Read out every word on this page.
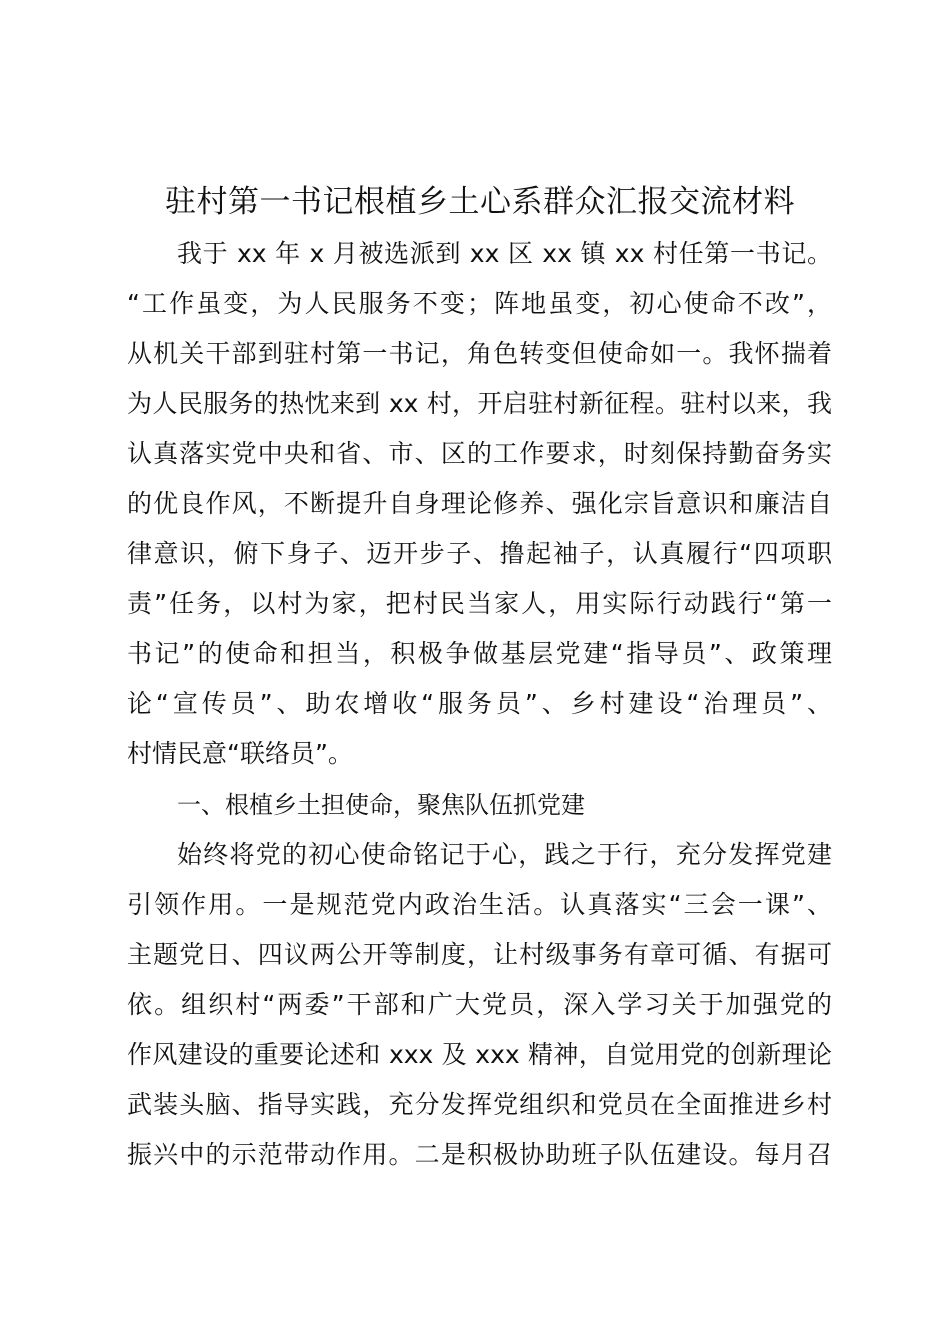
驻村第一书记根植乡土心系群众汇报交流材料
我于 xx 年 x 月被选派到 xx 区 xx 镇 xx 村任第一书记。
“工作虽变，为人民服务不变；阵地虽变，初心使命不改”，
从机关干部到驻村第一书记，角色转变但使命如一。我怀揣着
为人民服务的热忱来到 xx 村，开启驻村新征程。驻村以来，我
认真落实党中央和省、市、区的工作要求，时刻保持勤奋务实
的优良作风，不断提升自身理论修养、强化宗旨意识和廉洁自
律意识，俯下身子、迈开步子、撸起袖子，认真履行“四项职
责”任务，以村为家，把村民当家人，用实际行动践行“第一
书记”的使命和担当，积极争做基层党建“指导员”、政策理
论“宣传员”、助农增收“服务员”、乡村建设“治理员”、
村情民意“联络员”。
一、根植乡土担使命，聚焦队伍抓党建
始终将党的初心使命铭记于心，践之于行，充分发挥党建
引领作用。一是规范党内政治生活。认真落实“三会一课”、
主题党日、四议两公开等制度，让村级事务有章可循、有据可
依。组织村“两委”干部和广大党员，深入学习关于加强党的
作风建设的重要论述和 xxx 及 xxx 精神，自觉用党的创新理论
武装头脑、指导实践，充分发挥党组织和党员在全面推进乡村
振兴中的示范带动作用。二是积极协助班子队伍建设。每月召
